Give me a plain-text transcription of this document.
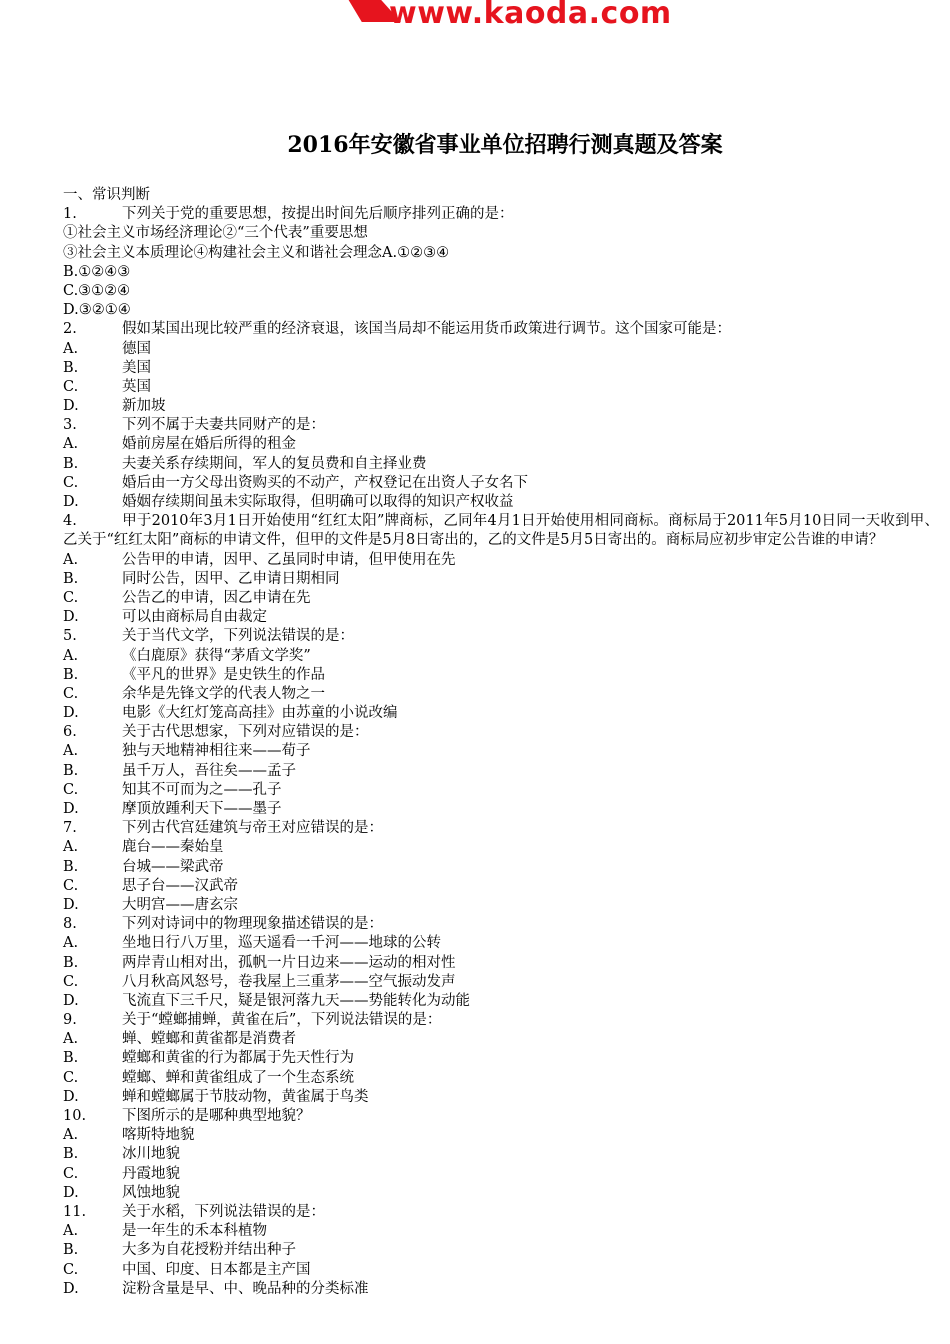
www.kaoda.com
2016年安徽省事业单位招聘行测真题及答案
一、常识判断
1.	下列关于党的重要思想，按提出时间先后顺序排列正确的是：
①社会主义市场经济理论②“三个代表”重要思想
③社会主义本质理论④构建社会主义和谐社会理念A.①②③④
B.①②④③
C.③①②④
D.③②①④
2.	假如某国出现比较严重的经济衰退，该国当局却不能运用货币政策进行调节。这个国家可能是：
A.	德国
B.	美国
C.	英国
D.	新加坡
3.	下列不属于夫妻共同财产的是：
A.	婚前房屋在婚后所得的租金
B.	夫妻关系存续期间，军人的复员费和自主择业费
C.	婚后由一方父母出资购买的不动产，产权登记在出资人子女名下
D.	婚姻存续期间虽未实际取得，但明确可以取得的知识产权收益
4.	甲于2010年3月1日开始使用“红红太阳”牌商标，乙同年4月1日开始使用相同商标。商标局于2011年5月10日同一天收到甲、乙关于“红红太阳”商标的申请文件，但甲的文件是5月8日寄出的，乙的文件是5月5日寄出的。商标局应初步审定公告谁的申请？
A.	公告甲的申请，因甲、乙虽同时申请，但甲使用在先
B.	同时公告，因甲、乙申请日期相同
C.	公告乙的申请，因乙申请在先
D.	可以由商标局自由裁定
5.	关于当代文学，下列说法错误的是：
A.	《白鹿原》获得“茅盾文学奖”
B.	《平凡的世界》是史铁生的作品
C.	余华是先锋文学的代表人物之一
D.	电影《大红灯笼高高挂》由苏童的小说改编
6.	关于古代思想家，下列对应错误的是：
A.	独与天地精神相往来——荀子
B.	虽千万人，吾往矣——孟子
C.	知其不可而为之——孔子
D.	摩顶放踵利天下——墨子
7.	下列古代宫廷建筑与帝王对应错误的是：
A.	鹿台——秦始皇
B.	台城——梁武帝
C.	思子台——汉武帝
D.	大明宫——唐玄宗
8.	下列对诗词中的物理现象描述错误的是：
A.	坐地日行八万里，巡天遥看一千河——地球的公转
B.	两岸青山相对出，孤帆一片日边来——运动的相对性
C.	八月秋高风怒号，卷我屋上三重茅——空气振动发声
D.	飞流直下三千尺，疑是银河落九天——势能转化为动能
9.	关于“螳螂捕蝉，黄雀在后”，下列说法错误的是：
A.	蝉、螳螂和黄雀都是消费者
B.	螳螂和黄雀的行为都属于先天性行为
C.	螳螂、蝉和黄雀组成了一个生态系统
D.	蝉和螳螂属于节肢动物，黄雀属于鸟类
10.	下图所示的是哪种典型地貌？
A.	喀斯特地貌
B.	冰川地貌
C.	丹霞地貌
D.	风蚀地貌
11.	关于水稻，下列说法错误的是：
A.	是一年生的禾本科植物
B.	大多为自花授粉并结出种子
C.	中国、印度、日本都是主产国
D.	淀粉含量是早、中、晚品种的分类标准
